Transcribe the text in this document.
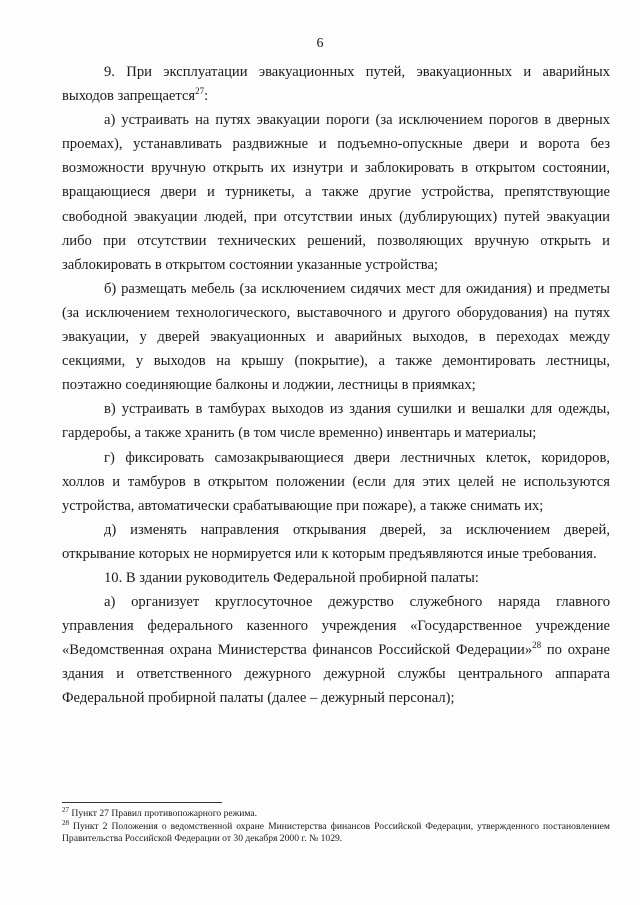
6

9. При эксплуатации эвакуационных путей, эвакуационных и аварийных выходов запрещается$^{27}$:

а) устраивать на путях эвакуации пороги (за исключением порогов в дверных проемах), устанавливать раздвижные и подъемно-опускные двери и ворота без возможности вручную открыть их изнутри и заблокировать в открытом состоянии, вращающиеся двери и турникеты, а также другие устройства, препятствующие свободной эвакуации людей, при отсутствии иных (дублирующих) путей эвакуации либо при отсутствии технических решений, позволяющих вручную открыть и заблокировать в открытом состоянии указанные устройства;

б) размещать мебель (за исключением сидячих мест для ожидания) и предметы (за исключением технологического, выставочного и другого оборудования) на путях эвакуации, у дверей эвакуационных и аварийных выходов, в переходах между секциями, у выходов на крышу (покрытие), а также демонтировать лестницы, поэтажно соединяющие балконы и лоджии, лестницы в приямках;

в) устраивать в тамбурах выходов из здания сушилки и вешалки для одежды, гардеробы, а также хранить (в том числе временно) инвентарь и материалы;

г) фиксировать самозакрывающиеся двери лестничных клеток, коридоров, холлов и тамбуров в открытом положении (если для этих целей не используются устройства, автоматически срабатывающие при пожаре), а также снимать их;

д) изменять направления открывания дверей, за исключением дверей, открывание которых не нормируется или к которым предъявляются иные требования.

10. В здании руководитель Федеральной пробирной палаты:

а) организует круглосуточное дежурство служебного наряда главного управления федерального казенного учреждения «Государственное учреждение «Ведомственная охрана Министерства финансов Российской Федерации»$^{28}$ по охране здания и ответственного дежурного дежурной службы центрального аппарата Федеральной пробирной палаты (далее – дежурный персонал);

$^{27}$ Пункт 27 Правил противопожарного режима.

$^{28}$ Пункт 2 Положения о ведомственной охране Министерства финансов Российской Федерации, утвержденного постановлением Правительства Российской Федерации от 30 декабря 2000 г. № 1029.
